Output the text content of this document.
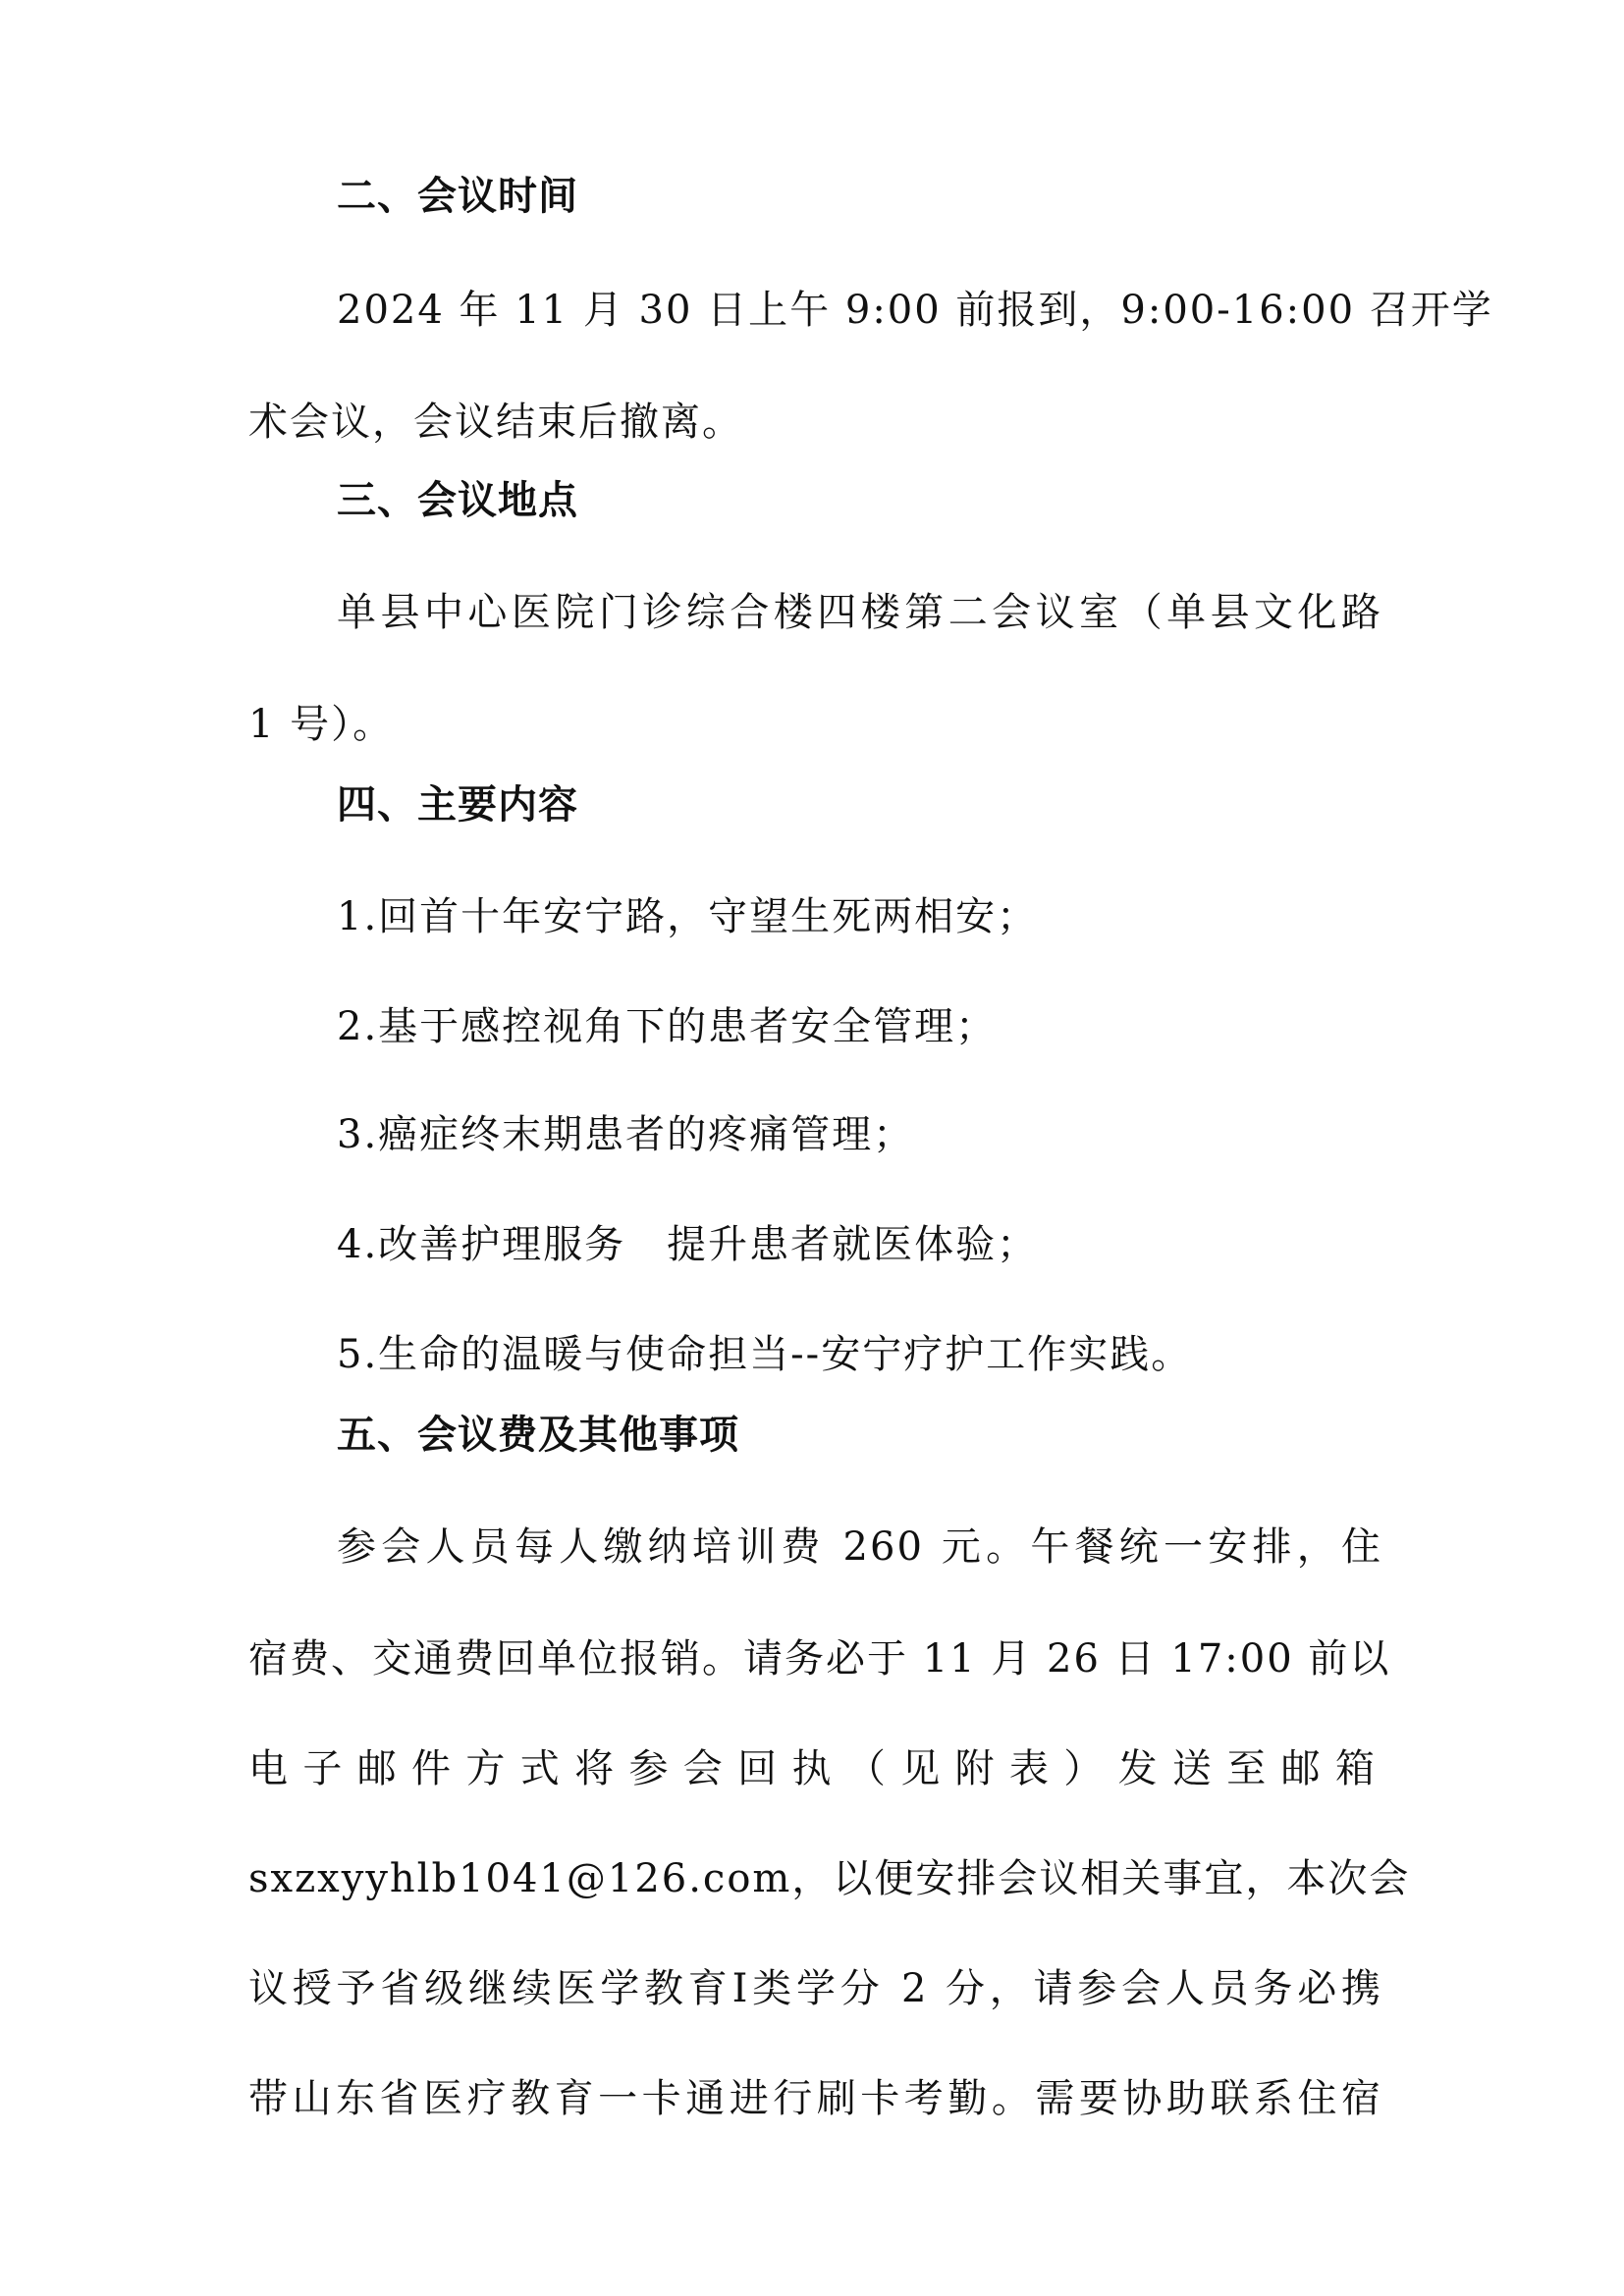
二、会议时间
2024 年 11 月 30 日上午 9:00 前报到，9:00-16:00 召开学
术会议，会议结束后撤离。
三、会议地点
单县中心医院门诊综合楼四楼第二会议室（单县文化路
1 号）。
四、主要内容
1.回首十年安宁路，守望生死两相安；
2.基于感控视角下的患者安全管理；
3.癌症终末期患者的疼痛管理；
4.改善护理服务　提升患者就医体验；
5.生命的温暖与使命担当--安宁疗护工作实践。
五、会议费及其他事项
参会人员每人缴纳培训费 260 元。午餐统一安排，住
宿费、交通费回单位报销。请务必于 11 月 26 日 17:00 前以
电子邮件方式将参会回执（见附表）发送至邮箱
sxzxyyhlb1041@126.com，以便安排会议相关事宜，本次会
议授予省级继续医学教育Ⅰ类学分 2 分，请参会人员务必携
带山东省医疗教育一卡通进行刷卡考勤。需要协助联系住宿
